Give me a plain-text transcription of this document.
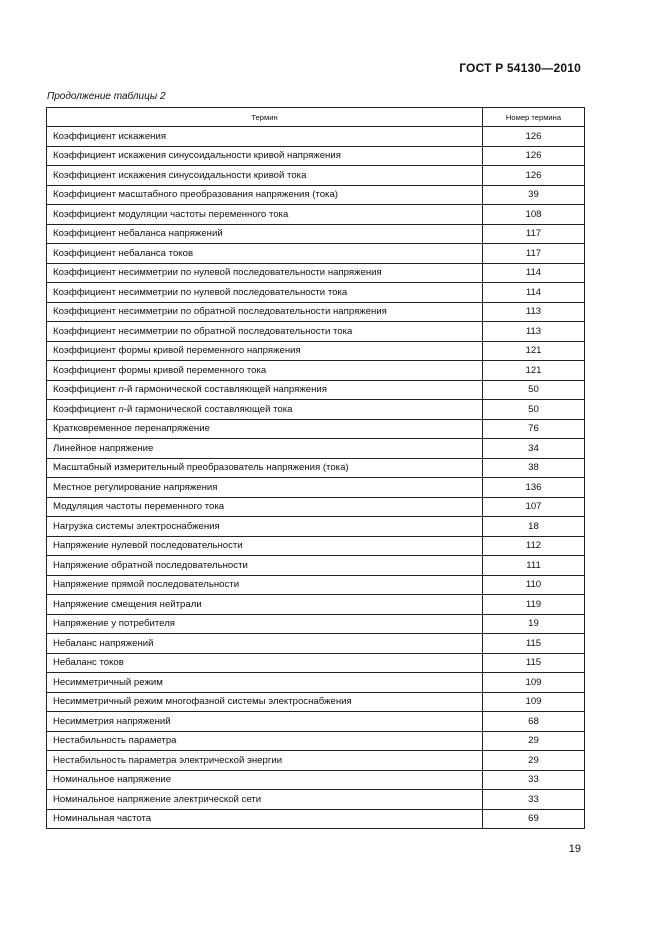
ГОСТ Р 54130—2010
Продолжение таблицы 2
Термин	Номер термина
Коэффициент искажения	126
Коэффициент искажения синусоидальности кривой напряжения	126
Коэффициент искажения синусоидальности кривой тока	126
Коэффициент масштабного преобразования напряжения (тока)	39
Коэффициент модуляции частоты переменного тока	108
Коэффициент небаланса напряжений	117
Коэффициент небаланса токов	117
Коэффициент несимметрии по нулевой последовательности напряжения	114
Коэффициент несимметрии по нулевой последовательности тока	114
Коэффициент несимметрии по обратной последовательности напряжения	113
Коэффициент несимметрии по обратной последовательности тока	113
Коэффициент формы кривой переменного напряжения	121
Коэффициент формы кривой переменного тока	121
Коэффициент n-й гармонической составляющей напряжения	50
Коэффициент n-й гармонической составляющей тока	50
Кратковременное перенапряжение	76
Линейное напряжение	34
Масштабный измерительный преобразователь напряжения (тока)	38
Местное регулирование напряжения	136
Модуляция частоты переменного тока	107
Нагрузка системы электроснабжения	18
Напряжение нулевой последовательности	112
Напряжение обратной последовательности	111
Напряжение прямой последовательности	110
Напряжение смещения нейтрали	119
Напряжение у потребителя	19
Небаланс напряжений	115
Небаланс токов	115
Несимметричный режим	109
Несимметричный режим многофазной системы электроснабжения	109
Несимметрия напряжений	68
Нестабильность параметра	29
Нестабильность параметра электрической энергии	29
Номинальное напряжение	33
Номинальное напряжение электрической сети	33
Номинальная частота	69
19
